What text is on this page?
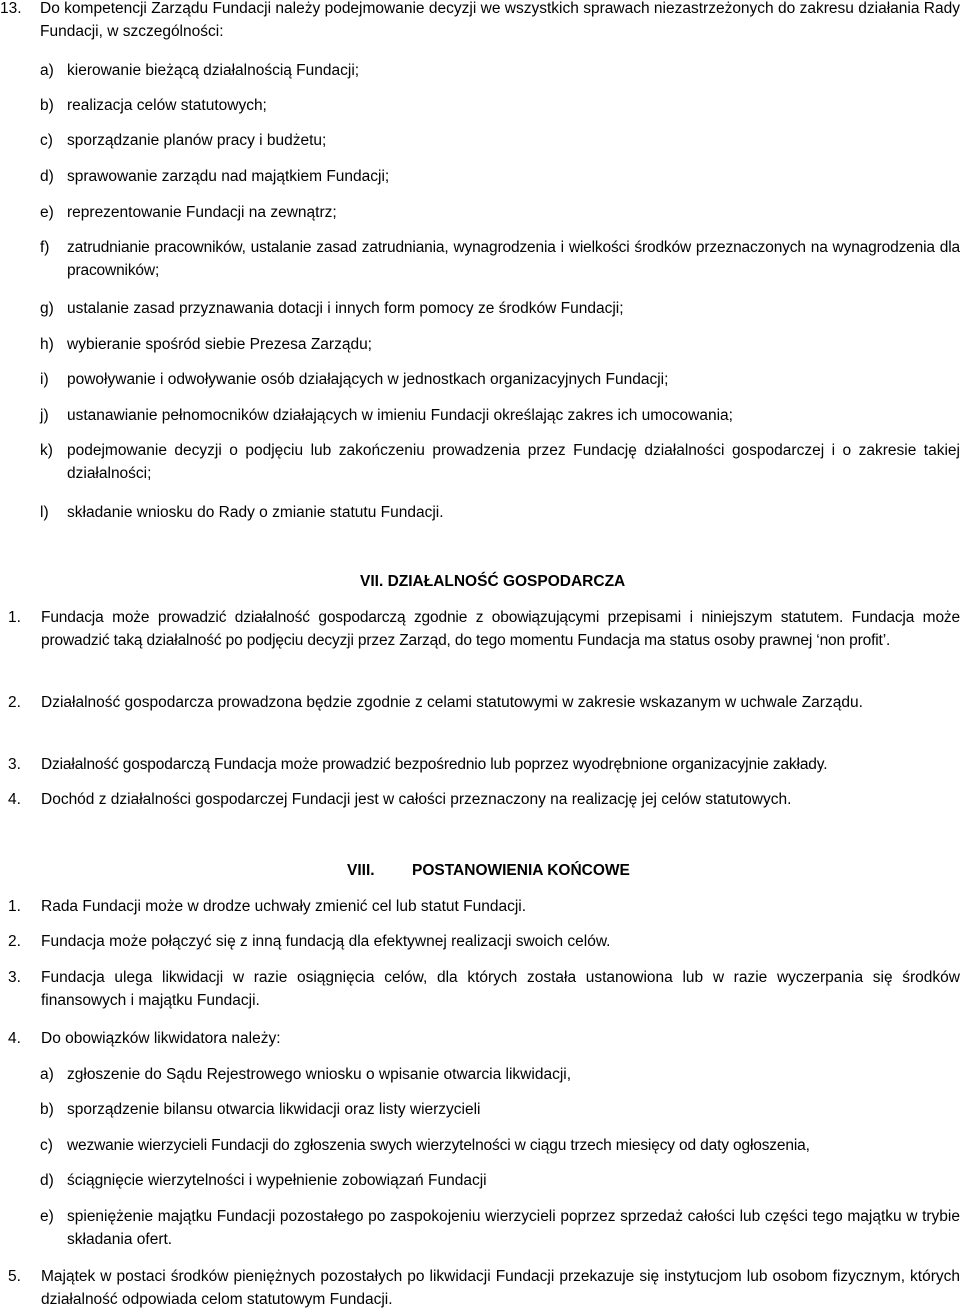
13. Do kompetencji Zarządu Fundacji należy podejmowanie decyzji we wszystkich sprawach niezastrzeżonych do zakresu działania Rady Fundacji, w szczególności:
a) kierowanie bieżącą działalnością Fundacji;
b) realizacja celów statutowych;
c) sporządzanie planów pracy i budżetu;
d) sprawowanie zarządu nad majątkiem Fundacji;
e) reprezentowanie Fundacji na zewnątrz;
f) zatrudnianie pracowników, ustalanie zasad zatrudniania, wynagrodzenia i wielkości środków przeznaczonych na wynagrodzenia dla pracowników;
g) ustalanie zasad przyznawania dotacji i innych form pomocy ze środków Fundacji;
h) wybieranie spośród siebie Prezesa Zarządu;
i) powoływanie i odwoływanie osób działających w jednostkach organizacyjnych Fundacji;
j) ustanawianie pełnomocników działających w imieniu Fundacji określając zakres ich umocowania;
k) podejmowanie decyzji o podjęciu lub zakończeniu prowadzenia przez Fundację działalności gospodarczej i o zakresie takiej działalności;
l) składanie wniosku do Rady o zmianie statutu Fundacji.
VII. DZIAŁALNOŚĆ GOSPODARCZA
1. Fundacja może prowadzić działalność gospodarczą zgodnie z obowiązującymi przepisami i niniejszym statutem. Fundacja może prowadzić taką działalność po podjęciu decyzji przez Zarząd, do tego momentu Fundacja ma status osoby prawnej ‘non profit’.
2. Działalność gospodarcza prowadzona będzie zgodnie z celami statutowymi w zakresie wskazanym w uchwale Zarządu.
3. Działalność gospodarczą Fundacja może prowadzić bezpośrednio lub poprzez wyodrębnione organizacyjnie zakłady.
4. Dochód z działalności gospodarczej Fundacji jest w całości przeznaczony na realizację jej celów statutowych.
VIII. POSTANOWIENIA KOŃCOWE
1. Rada Fundacji może w drodze uchwały zmienić cel lub statut Fundacji.
2. Fundacja może połączyć się z inną fundacją dla efektywnej realizacji swoich celów.
3. Fundacja ulega likwidacji w razie osiągnięcia celów, dla których została ustanowiona lub w razie wyczerpania się środków finansowych i majątku Fundacji.
4. Do obowiązków likwidatora należy:
a) zgłoszenie do Sądu Rejestrowego wniosku o wpisanie otwarcia likwidacji,
b) sporządzenie bilansu otwarcia likwidacji oraz listy wierzycieli
c) wezwanie wierzycieli Fundacji do zgłoszenia swych wierzytelności w ciągu trzech miesięcy od daty ogłoszenia,
d) ściągnięcie wierzytelności i wypełnienie zobowiązań Fundacji
e) spieniężenie majątku Fundacji pozostałego po zaspokojeniu wierzycieli poprzez sprzedaż całości lub części tego majątku w trybie składania ofert.
5. Majątek w postaci środków pieniężnych pozostałych po likwidacji Fundacji przekazuje się instytucjom lub osobom fizycznym, których działalność odpowiada celom statutowym Fundacji.
